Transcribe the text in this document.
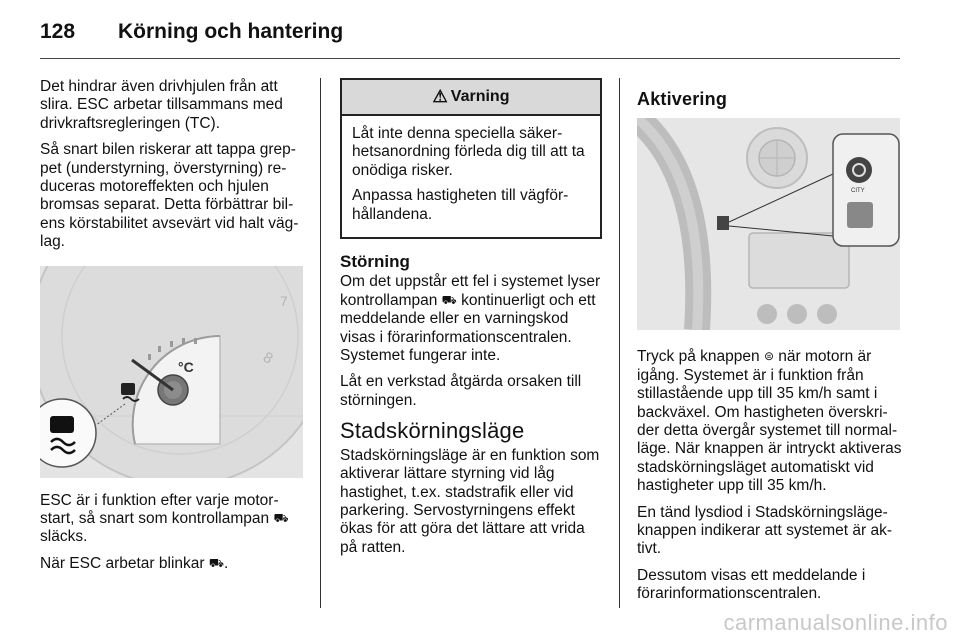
128	Körning och hantering

Det hindrar även drivhjulen från att slira. ESC arbetar tillsammans med drivkraftsregleringen (TC).

Så snart bilen riskerar att tappa greppet (understyrning, överstyrning) reduceras motoreffekten och hjulen bromsas separat. Detta förbättrar bilens körstabilitet avsevärt vid halt väglag.

7
8
°C

ESC är i funktion efter varje motorstart, så snart som kontrollampan ⛟ släcks.

När ESC arbetar blinkar ⛟.

⚠ Varning

Låt inte denna speciella säkerhetsanordning förleda dig till att ta onödiga risker.

Anpassa hastigheten till vägförhållandena.

Störning

Om det uppstår ett fel i systemet lyser kontrollampan ⛟ kontinuerligt och ett meddelande eller en varningskod visas i förarinformationscentralen. Systemet fungerar inte.

Låt en verkstad åtgärda orsaken till störningen.

Stadskörningsläge

Stadskörningsläge är en funktion som aktiverar lättare styrning vid låg hastighet, t.ex. stadstrafik eller vid parkering. Servostyrningens effekt ökas för att göra det lättare att vrida på ratten.

Aktivering
CITY

Tryck på knappen ⊜ när motorn är igång. Systemet är i funktion från stillastående upp till 35 km/h samt i backväxel. Om hastigheten överskrider detta övergår systemet till normalläge. När knappen är intryckt aktiveras stadskörningsläget automatiskt vid hastigheter upp till 35 km/h.

En tänd lysdiod i Stadskörningslägeknappen indikerar att systemet är aktivt.

Dessutom visas ett meddelande i förarinformationscentralen.

carmanualsonline.info
